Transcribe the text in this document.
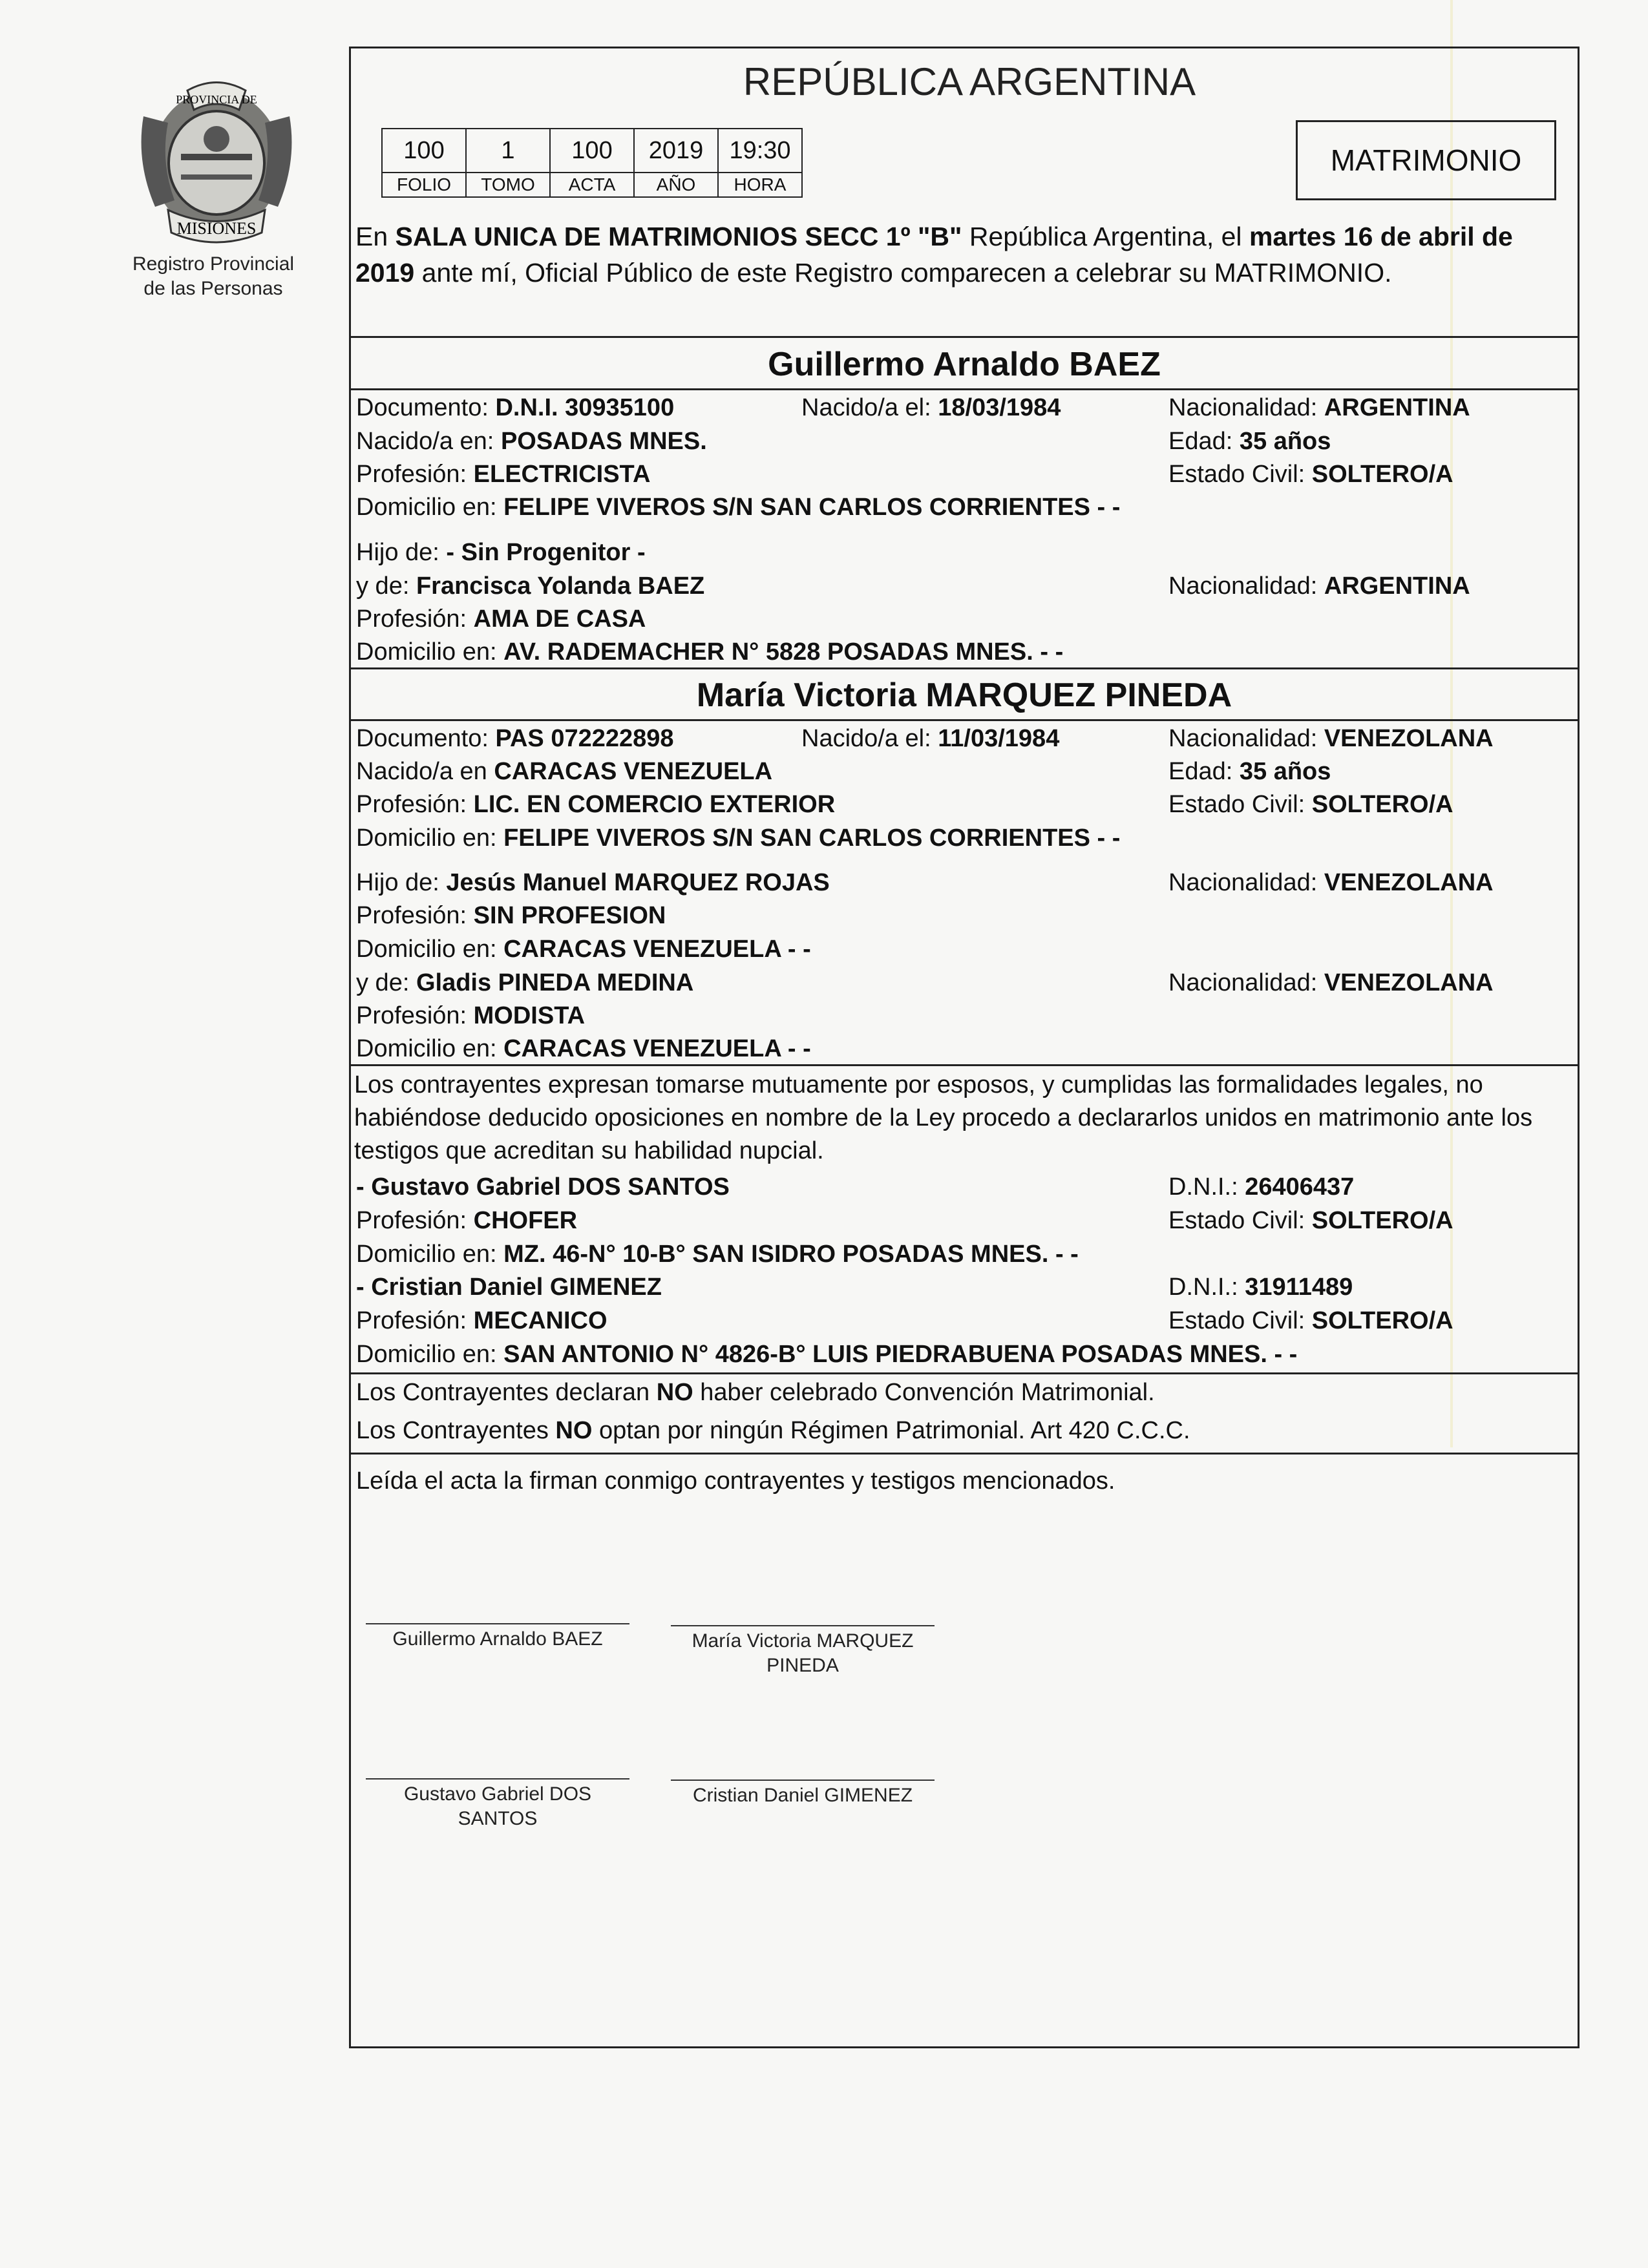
PROVINCIA DE
MISIONES
Registro Provincial
de las Personas
REPÚBLICA ARGENTINA
100	1	100	2019	19:30
FOLIO	TOMO	ACTA	AÑO	HORA
MATRIMONIO
En SALA UNICA DE MATRIMONIOS SECC 1º "B" República Argentina, el martes 16 de abril de 2019 ante mí, Oficial Público de este Registro comparecen a celebrar su MATRIMONIO.
Guillermo Arnaldo BAEZ
Documento: D.N.I. 30935100	Nacido/a el: 18/03/1984	Nacionalidad: ARGENTINA
Nacido/a en: POSADAS MNES.	Edad: 35 años
Profesión: ELECTRICISTA	Estado Civil: SOLTERO/A
Domicilio en: FELIPE VIVEROS S/N SAN CARLOS CORRIENTES - -
Hijo de: - Sin Progenitor -
y de: Francisca Yolanda BAEZ	Nacionalidad: ARGENTINA
Profesión: AMA DE CASA
Domicilio en: AV. RADEMACHER N° 5828 POSADAS MNES. - -
María Victoria MARQUEZ PINEDA
Documento: PAS 072222898	Nacido/a el: 11/03/1984	Nacionalidad: VENEZOLANA
Nacido/a en CARACAS VENEZUELA	Edad: 35 años
Profesión: LIC. EN COMERCIO EXTERIOR	Estado Civil: SOLTERO/A
Domicilio en: FELIPE VIVEROS S/N SAN CARLOS CORRIENTES - -
Hijo de: Jesús Manuel MARQUEZ ROJAS	Nacionalidad: VENEZOLANA
Profesión: SIN PROFESION
Domicilio en: CARACAS VENEZUELA - -
y de: Gladis PINEDA MEDINA	Nacionalidad: VENEZOLANA
Profesión: MODISTA
Domicilio en: CARACAS VENEZUELA - -
Los contrayentes expresan tomarse mutuamente por esposos, y cumplidas las formalidades legales, no habiéndose deducido oposiciones en nombre de la Ley procedo a declararlos unidos en matrimonio ante los testigos que acreditan su habilidad nupcial.
- Gustavo Gabriel DOS SANTOS	D.N.I.: 26406437
Profesión: CHOFER	Estado Civil: SOLTERO/A
Domicilio en: MZ. 46-N° 10-B° SAN ISIDRO POSADAS MNES. - -
- Cristian Daniel GIMENEZ	D.N.I.: 31911489
Profesión: MECANICO	Estado Civil: SOLTERO/A
Domicilio en: SAN ANTONIO N° 4826-B° LUIS PIEDRABUENA POSADAS MNES. - -
Los Contrayentes declaran NO haber celebrado Convención Matrimonial.
Los Contrayentes NO optan por ningún Régimen Patrimonial. Art 420 C.C.C.
Leída el acta la firman conmigo contrayentes y testigos mencionados.
Guillermo Arnaldo BAEZ	María Victoria MARQUEZ
PINEDA
Gustavo Gabriel DOS
SANTOS
Cristian Daniel GIMENEZ
